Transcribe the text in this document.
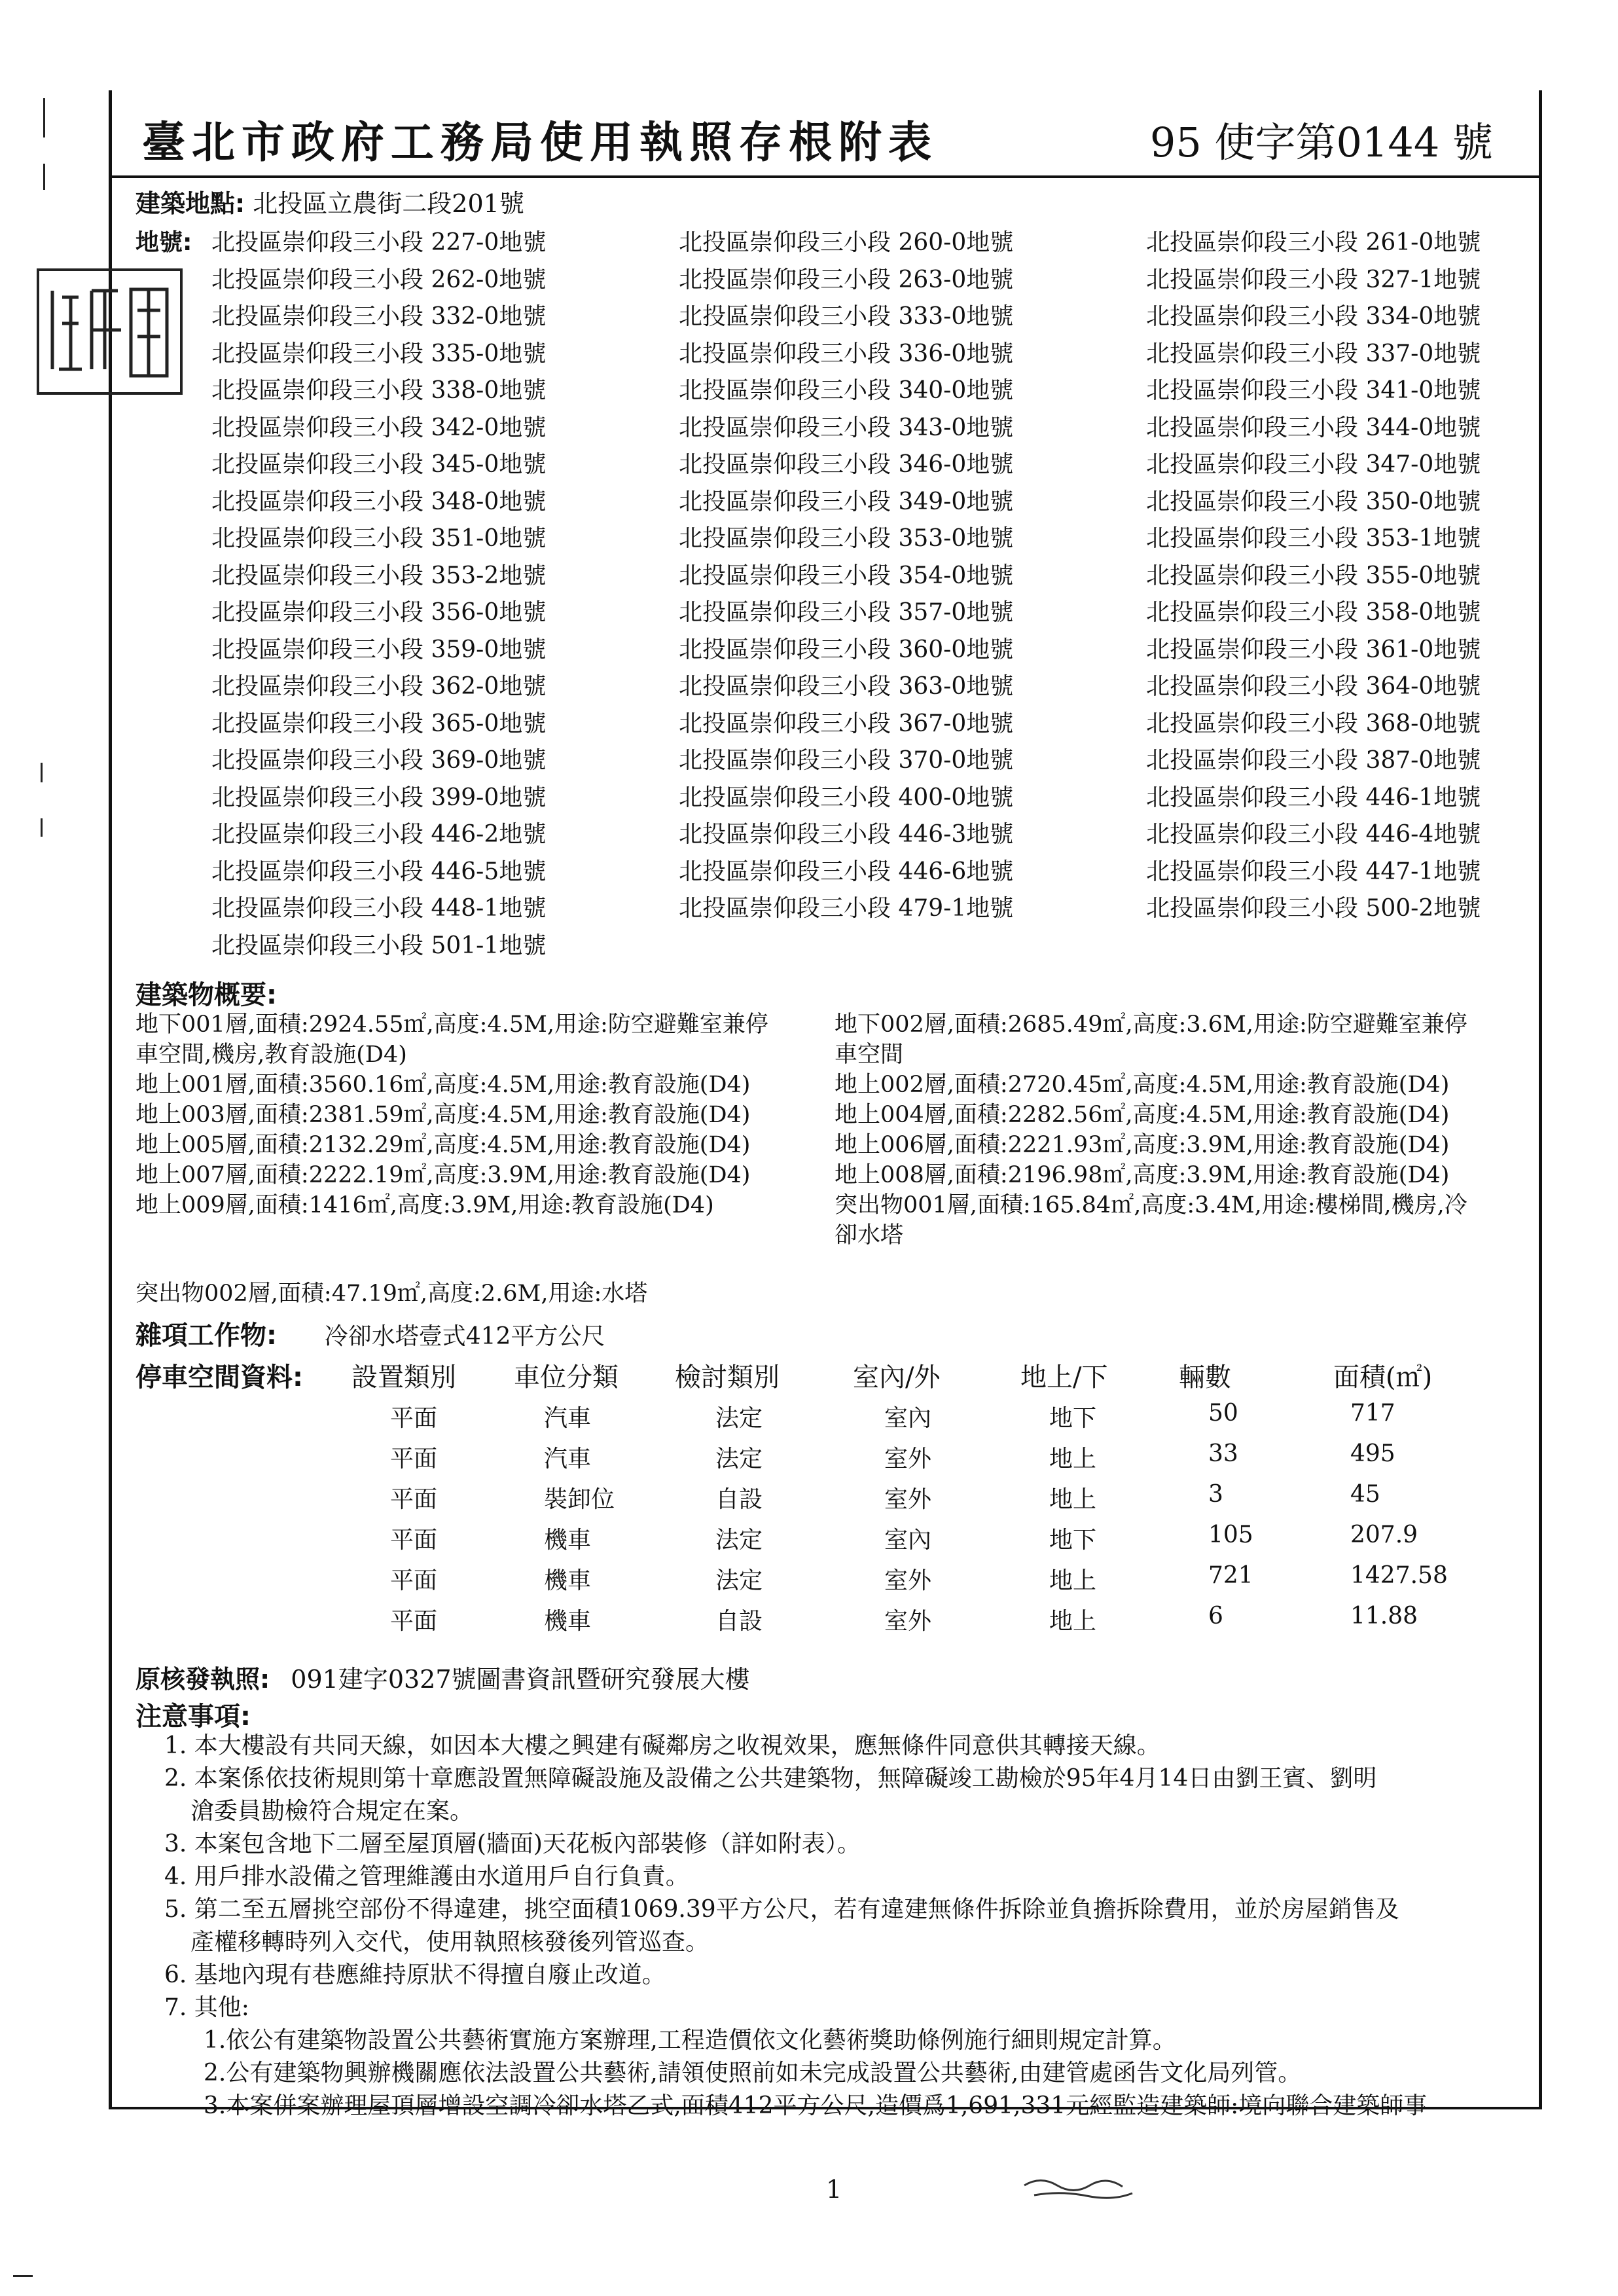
臺北市政府工務局使用執照存根附表	95 使字第0144 號
建築地點: 北投區立農街二段201號
地號: 北投區崇仰段三小段 227-0地號	北投區崇仰段三小段 260-0地號	北投區崇仰段三小段 261-0地號
北投區崇仰段三小段 262-0地號	北投區崇仰段三小段 263-0地號	北投區崇仰段三小段 327-1地號
北投區崇仰段三小段 332-0地號	北投區崇仰段三小段 333-0地號	北投區崇仰段三小段 334-0地號
北投區崇仰段三小段 335-0地號	北投區崇仰段三小段 336-0地號	北投區崇仰段三小段 337-0地號
北投區崇仰段三小段 338-0地號	北投區崇仰段三小段 340-0地號	北投區崇仰段三小段 341-0地號
北投區崇仰段三小段 342-0地號	北投區崇仰段三小段 343-0地號	北投區崇仰段三小段 344-0地號
北投區崇仰段三小段 345-0地號	北投區崇仰段三小段 346-0地號	北投區崇仰段三小段 347-0地號
北投區崇仰段三小段 348-0地號	北投區崇仰段三小段 349-0地號	北投區崇仰段三小段 350-0地號
北投區崇仰段三小段 351-0地號	北投區崇仰段三小段 353-0地號	北投區崇仰段三小段 353-1地號
北投區崇仰段三小段 353-2地號	北投區崇仰段三小段 354-0地號	北投區崇仰段三小段 355-0地號
北投區崇仰段三小段 356-0地號	北投區崇仰段三小段 357-0地號	北投區崇仰段三小段 358-0地號
北投區崇仰段三小段 359-0地號	北投區崇仰段三小段 360-0地號	北投區崇仰段三小段 361-0地號
北投區崇仰段三小段 362-0地號	北投區崇仰段三小段 363-0地號	北投區崇仰段三小段 364-0地號
北投區崇仰段三小段 365-0地號	北投區崇仰段三小段 367-0地號	北投區崇仰段三小段 368-0地號
北投區崇仰段三小段 369-0地號	北投區崇仰段三小段 370-0地號	北投區崇仰段三小段 387-0地號
北投區崇仰段三小段 399-0地號	北投區崇仰段三小段 400-0地號	北投區崇仰段三小段 446-1地號
北投區崇仰段三小段 446-2地號	北投區崇仰段三小段 446-3地號	北投區崇仰段三小段 446-4地號
北投區崇仰段三小段 446-5地號	北投區崇仰段三小段 446-6地號	北投區崇仰段三小段 447-1地號
北投區崇仰段三小段 448-1地號	北投區崇仰段三小段 479-1地號	北投區崇仰段三小段 500-2地號
北投區崇仰段三小段 501-1地號
建築物概要:
地下001層,面積:2924.55㎡,高度:4.5M,用途:防空避難室兼停
車空間,機房,教育設施(D4)
地上001層,面積:3560.16㎡,高度:4.5M,用途:教育設施(D4)
地上003層,面積:2381.59㎡,高度:4.5M,用途:教育設施(D4)
地上005層,面積:2132.29㎡,高度:4.5M,用途:教育設施(D4)
地上007層,面積:2222.19㎡,高度:3.9M,用途:教育設施(D4)
地上009層,面積:1416㎡,高度:3.9M,用途:教育設施(D4)
地下002層,面積:2685.49㎡,高度:3.6M,用途:防空避難室兼停
車空間
地上002層,面積:2720.45㎡,高度:4.5M,用途:教育設施(D4)
地上004層,面積:2282.56㎡,高度:4.5M,用途:教育設施(D4)
地上006層,面積:2221.93㎡,高度:3.9M,用途:教育設施(D4)
地上008層,面積:2196.98㎡,高度:3.9M,用途:教育設施(D4)
突出物001層,面積:165.84㎡,高度:3.4M,用途:樓梯間,機房,冷
卻水塔
突出物002層,面積:47.19㎡,高度:2.6M,用途:水塔
雜項工作物: 冷卻水塔壹式412平方公尺
停車空間資料: 設置類別 車位分類 檢討類別	室內/外	地上/下	輛數	面積(㎡)
平面	汽車	法定	室內	地下	50	717
平面	汽車	法定	室外	地上	33	495
平面	裝卸位	自設	室外	地上	3	45
平面	機車	法定	室內	地下	105	207.9
平面	機車	法定	室外	地上	721	1427.58
平面	機車	自設	室外	地上	6	11.88
原核發執照: 091建字0327號圖書資訊暨研究發展大樓
注意事項:
1. 本大樓設有共同天線，如因本大樓之興建有礙鄰房之收視效果，應無條件同意供其轉接天線。
2. 本案係依技術規則第十章應設置無障礙設施及設備之公共建築物，無障礙竣工勘檢於95年4月14日由劉王賓、劉明
滄委員勘檢符合規定在案。
3. 本案包含地下二層至屋頂層(牆面)天花板內部裝修（詳如附表）。
4. 用戶排水設備之管理維護由水道用戶自行負責。
5. 第二至五層挑空部份不得違建，挑空面積1069.39平方公尺，若有違建無條件拆除並負擔拆除費用，並於房屋銷售及
產權移轉時列入交代，使用執照核發後列管巡查。
6. 基地內現有巷應維持原狀不得擅自廢止改道。
7. 其他:
1.依公有建築物設置公共藝術實施方案辦理,工程造價依文化藝術獎助條例施行細則規定計算。
2.公有建築物興辦機關應依法設置公共藝術,請領使照前如未完成設置公共藝術,由建管處函告文化局列管。
3.本案併案辦理屋頂層增設空調冷卻水塔乙式,面積412平方公尺,造價爲1,691,331元經監造建築師:境向聯合建築師事
1
